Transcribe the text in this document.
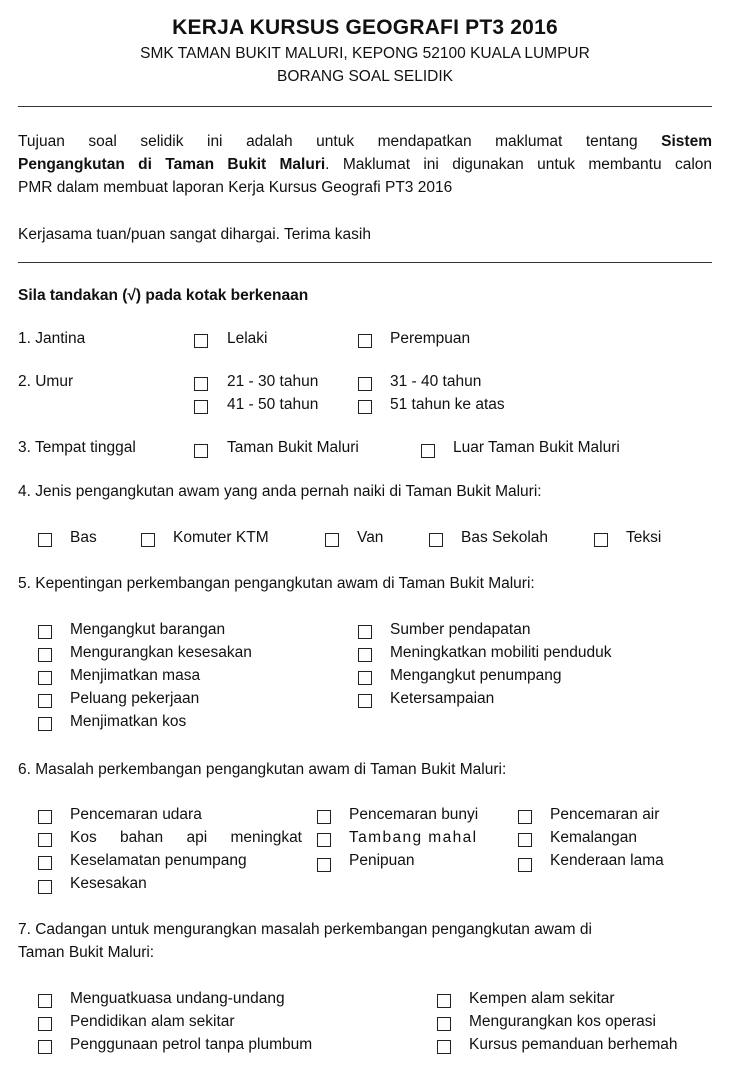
KERJA KURSUS GEOGRAFI PT3 2016
SMK TAMAN BUKIT MALURI, KEPONG 52100 KUALA LUMPUR
BORANG SOAL SELIDIK
Tujuan soal selidik ini adalah untuk mendapatkan maklumat tentang Sistem
Pengangkutan di Taman Bukit Maluri. Maklumat ini digunakan untuk membantu calon
PMR dalam membuat laporan Kerja Kursus Geografi PT3 2016
Kerjasama tuan/puan sangat dihargai. Terima kasih
Sila tandakan (√) pada kotak berkenaan
1. Jantina	Lelaki	Perempuan
2. Umur	21 - 30 tahun	31 - 40 tahun
41 - 50 tahun	51 tahun ke atas
3. Tempat tinggal	Taman Bukit Maluri	Luar Taman Bukit Maluri
4. Jenis pengangkutan awam yang anda pernah naiki di Taman Bukit Maluri:
Bas	Komuter KTM	Van	Bas Sekolah	Teksi
5. Kepentingan perkembangan pengangkutan awam di Taman Bukit Maluri:
Mengangkut barangan	Sumber pendapatan
Mengurangkan kesesakan	Meningkatkan mobiliti penduduk
Menjimatkan masa	Mengangkut penumpang
Peluang pekerjaan	Ketersampaian
Menjimatkan kos
6. Masalah perkembangan pengangkutan awam di Taman Bukit Maluri:
Pencemaran udara	Pencemaran bunyi	Pencemaran air
Kos bahan api meningkat	Tambang mahal	Kemalangan
Keselamatan penumpang	Penipuan	Kenderaan lama
Kesesakan
7. Cadangan untuk mengurangkan masalah perkembangan pengangkutan awam di
Taman Bukit Maluri:
Menguatkuasa undang-undang	Kempen alam sekitar
Pendidikan alam sekitar	Mengurangkan kos operasi
Penggunaan petrol tanpa plumbum	Kursus pemanduan berhemah
